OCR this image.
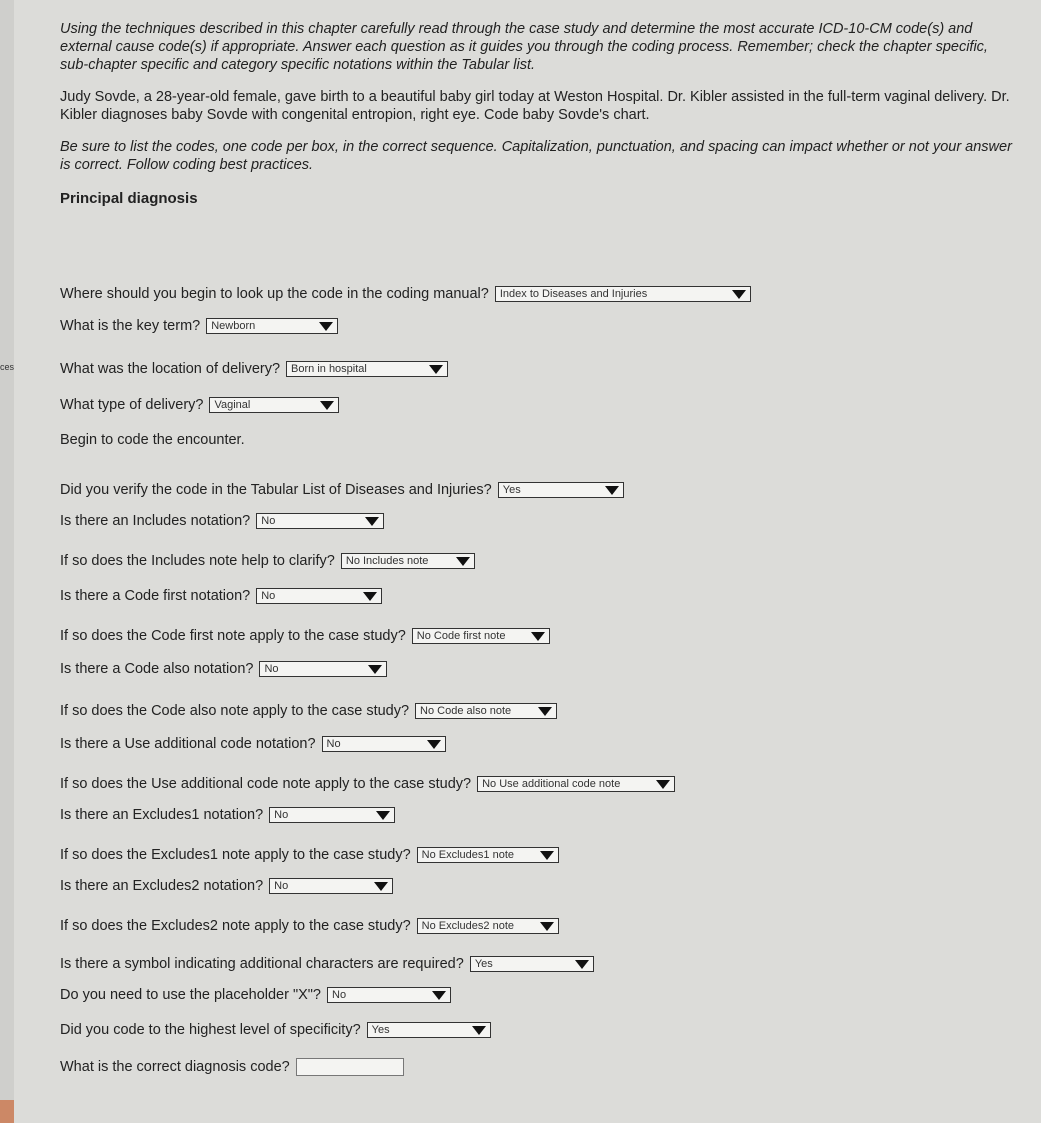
ces

Using the techniques described in this chapter carefully read through the case study and determine the most accurate ICD-10-CM code(s) and external cause code(s) if appropriate. Answer each question as it guides you through the coding process. Remember; check the chapter specific, sub-chapter specific and category specific notations within the Tabular list.

Judy Sovde, a 28-year-old female, gave birth to a beautiful baby girl today at Weston Hospital. Dr. Kibler assisted in the full-term vaginal delivery. Dr. Kibler diagnoses baby Sovde with congenital entropion, right eye. Code baby Sovde's chart.

Be sure to list the codes, one code per box, in the correct sequence. Capitalization, punctuation, and spacing can impact whether or not your answer is correct. Follow coding best practices.

Principal diagnosis

Where should you begin to look up the code in the coding manual? Index to Diseases and Injuries
What is the key term? Newborn
What was the location of delivery? Born in hospital
What type of delivery? Vaginal
Begin to code the encounter.
Did you verify the code in the Tabular List of Diseases and Injuries? Yes
Is there an Includes notation? No
If so does the Includes note help to clarify? No Includes note
Is there a Code first notation? No
If so does the Code first note apply to the case study? No Code first note
Is there a Code also notation? No
If so does the Code also note apply to the case study? No Code also note
Is there a Use additional code notation? No
If so does the Use additional code note apply to the case study? No Use additional code note
Is there an Excludes1 notation? No
If so does the Excludes1 note apply to the case study? No Excludes1 note
Is there an Excludes2 notation? No
If so does the Excludes2 note apply to the case study? No Excludes2 note
Is there a symbol indicating additional characters are required? Yes
Do you need to use the placeholder "X"? No
Did you code to the highest level of specificity? Yes
What is the correct diagnosis code?
